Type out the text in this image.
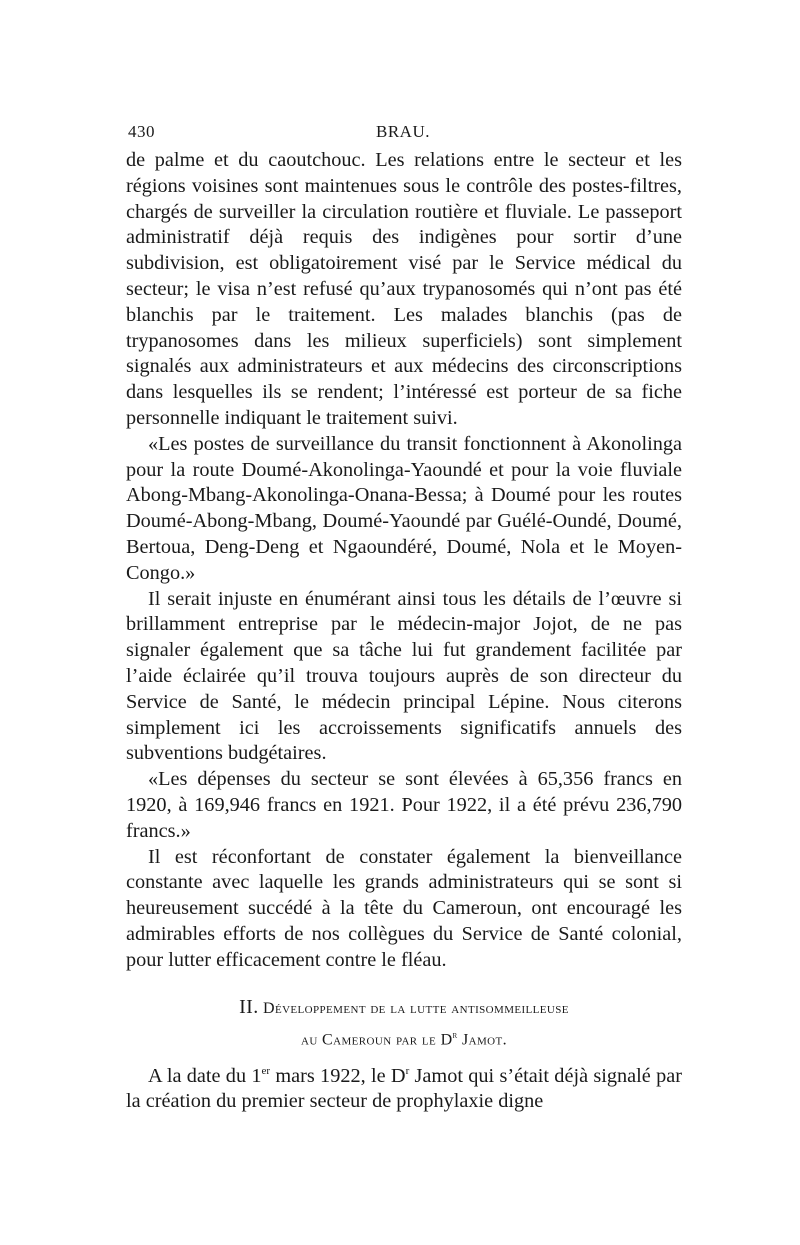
430	BRAU.

de palme et du caoutchouc. Les relations entre le secteur et les régions voisines sont maintenues sous le contrôle des postes-filtres, chargés de surveiller la circulation routière et fluviale. Le passeport administratif déjà requis des indigènes pour sortir d’une subdivision, est obligatoirement visé par le Service médical du secteur; le visa n’est refusé qu’aux trypanosomés qui n’ont pas été blanchis par le traitement. Les malades blanchis (pas de trypanosomes dans les milieux superficiels) sont simplement signalés aux administrateurs et aux médecins des circonscriptions dans lesquelles ils se rendent; l’intéressé est porteur de sa fiche personnelle indiquant le traitement suivi.

«Les postes de surveillance du transit fonctionnent à Akonolinga pour la route Doumé-Akonolinga-Yaoundé et pour la voie fluviale Abong-Mbang-Akonolinga-Onana-Bessa; à Doumé pour les routes Doumé-Abong-Mbang, Doumé-Yaoundé par Guélé-Oundé, Doumé, Bertoua, Deng-Deng et Ngaoundéré, Doumé, Nola et le Moyen-Congo.»

Il serait injuste en énumérant ainsi tous les détails de l’œuvre si brillamment entreprise par le médecin-major Jojot, de ne pas signaler également que sa tâche lui fut grandement facilitée par l’aide éclairée qu’il trouva toujours auprès de son directeur du Service de Santé, le médecin principal Lépine. Nous citerons simplement ici les accroissements significatifs annuels des subventions budgétaires.

«Les dépenses du secteur se sont élevées à 65,356 francs en 1920, à 169,946 francs en 1921. Pour 1922, il a été prévu 236,790 francs.»

Il est réconfortant de constater également la bienveillance constante avec laquelle les grands administrateurs qui se sont si heureusement succédé à la tête du Cameroun, ont encouragé les admirables efforts de nos collègues du Service de Santé colonial, pour lutter efficacement contre le fléau.

II. Développement de la lutte antisommeilleuse
au Cameroun par le $D^r$ Jamot.

A la date du 1er mars 1922, le $D^r$ Jamot qui s’était déjà signalé par la création du premier secteur de prophylaxie digne
